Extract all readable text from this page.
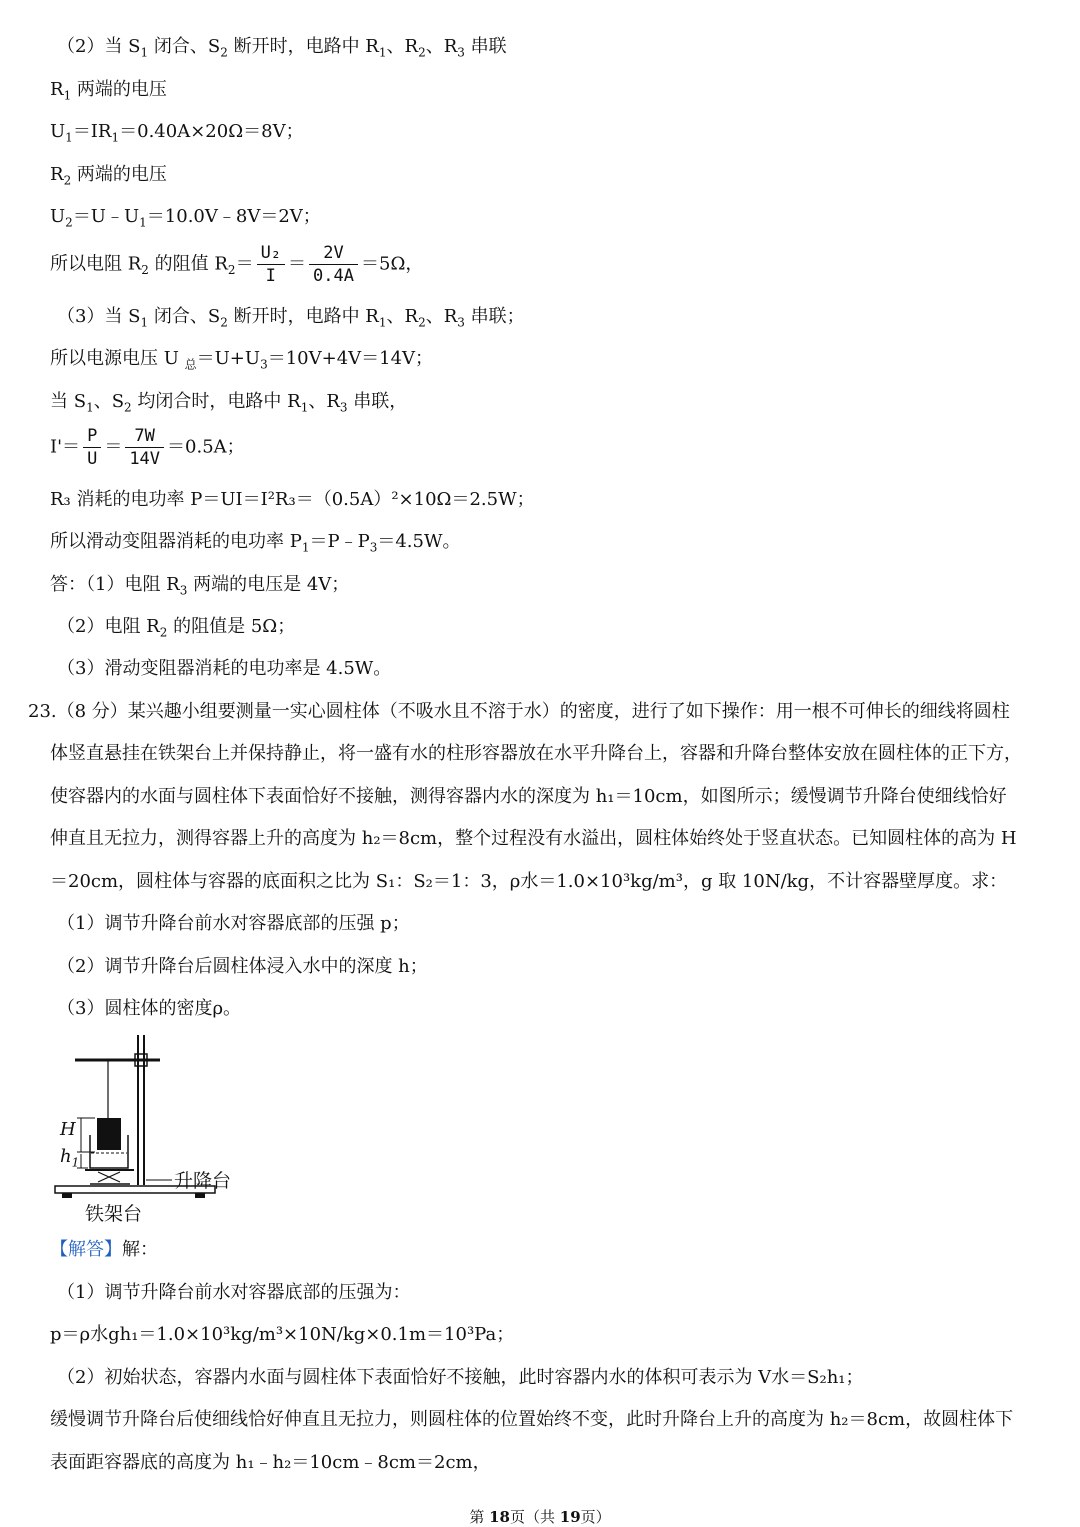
（2）当 $S_1$ 闭合、$S_2$ 断开时，电路中 $R_1$、$R_2$、$R_3$ 串联
$R_1$ 两端的电压
$U_1=IR_1=0.40A\times 20\Omega=8V$；
$R_2$ 两端的电压
$U_2=U﹣U_1=10.0V﹣8V=2V$；
所以电阻 $R_2$ 的阻值 $R_2= \frac{\text{U₂}}{I} = \frac{2V}{0.4A} =5\Omega$，
（3）当 $S_1$ 闭合、$S_2$ 断开时，电路中 $R_1$、$R_2$、$R_3$ 串联；
所以电源电压 U $_总=U+U_3=10V+4V=14V$；
当 $S_1$、$S_2$ 均闭合时，电路中 $R_1$、$R_3$ 串联，
$I'= \frac{P}{U} = \frac{7W}{14V} =0.5A$；
R₃ 消耗的电功率 P＝UI＝I²R₃＝（0.5A）²×10Ω＝2.5W；
所以滑动变阻器消耗的电功率 $P_1=P﹣P_3=4.5W$。
答：（1）电阻 $R_3$ 两端的电压是 4V；
（2）电阻 $R_2$ 的阻值是 5Ω；
（3）滑动变阻器消耗的电功率是 4.5W。
23.（8 分）某兴趣小组要测量一实心圆柱体（不吸水且不溶于水）的密度，进行了如下操作：用一根不可伸长的细线将圆柱
体竖直悬挂在铁架台上并保持静止，将一盛有水的柱形容器放在水平升降台上，容器和升降台整体安放在圆柱体的正下方，
使容器内的水面与圆柱体下表面恰好不接触，测得容器内水的深度为 h₁＝10cm，如图所示；缓慢调节升降台使细线恰好
伸直且无拉力，测得容器上升的高度为 h₂＝8cm，整个过程没有水溢出，圆柱体始终处于竖直状态。已知圆柱体的高为 H
＝20cm，圆柱体与容器的底面积之比为 S₁：S₂＝1：3，ρ水＝1.0×10³kg/m³，g 取 10N/kg，不计容器壁厚度。求：
（1）调节升降台前水对容器底部的压强 p；
（2）调节升降台后圆柱体浸入水中的深度 h；
（3）圆柱体的密度ρ。
H
$h_1$
升降台
铁架台
【解答】解：
（1）调节升降台前水对容器底部的压强为：
p＝ρ水gh₁＝1.0×10³kg/m³×10N/kg×0.1m＝10³Pa；
（2）初始状态，容器内水面与圆柱体下表面恰好不接触，此时容器内水的体积可表示为 V水＝S₂h₁；
缓慢调节升降台后使细线恰好伸直且无拉力，则圆柱体的位置始终不变，此时升降台上升的高度为 h₂＝8cm，故圆柱体下
表面距容器底的高度为 h₁﹣h₂＝10cm﹣8cm＝2cm，
第 18页（共 19页）
